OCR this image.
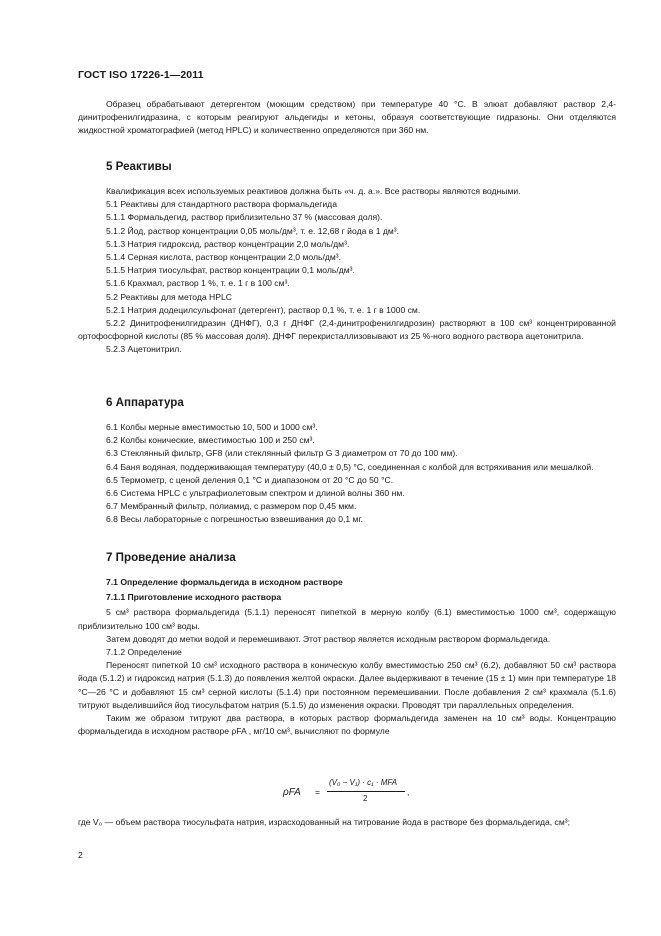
ГОСТ ISO 17226-1—2011

Образец обрабатывают детергентом (моющим средством) при температуре 40 °С. В элюат добавляют раствор 2,4-динитрофенилгидразина, с которым реагируют альдегиды и кетоны, образуя соответствующие гидразоны. Они отделяются жидкостной хроматографией (метод HPLC) и количественно определяются при 360 нм.

5 Реактивы

Квалификация всех используемых реактивов должна быть «ч. д. а.». Все растворы являются водными.

5.1 Реактивы для стандартного раствора формальдегида

5.1.1 Формальдегид, раствор приблизительно 37 % (массовая доля).

5.1.2 Йод, раствор концентрации 0,05 моль/дм³, т. е. 12,68 г йода в 1 дм³.

5.1.3 Натрия гидроксид, раствор концентрации 2,0 моль/дм³.

5.1.4 Серная кислота, раствор концентрации 2,0 моль/дм³.

5.1.5 Натрия тиосульфат, раствор концентрации 0,1 моль/дм³.

5.1.6 Крахмал, раствор 1 %, т. е. 1 г в 100 см³.

5.2 Реактивы для метода HPLC

5.2.1 Натрия додецилсульфонат (детергент), раствор 0,1 %, т. е. 1 г в 1000 см.

5.2.2 Динитрофенилгидразин (ДНФГ), 0,3 г ДНФГ (2,4-динитрофенилгидрозин) растворяют в 100 см³ концентрированной ортофосфорной кислоты (85 % массовая доля). ДНФГ перекристаллизовывают из 25 %-ного водного раствора ацетонитрила.

5.2.3 Ацетонитрил.

6 Аппаратура

6.1 Колбы мерные вместимостью 10, 500 и 1000 см³.

6.2 Колбы конические, вместимостью 100 и 250 см³.

6.3 Стеклянный фильтр, GF8 (или стеклянный фильтр G 3 диаметром от 70 до 100 мм).

6.4 Баня водяная, поддерживающая температуру (40,0 ± 0,5) °С, соединенная с колбой для встряхивания или мешалкой.

6.5 Термометр, с ценой деления 0,1 °С и диапазоном от 20 °С до 50 °С.

6.6 Система HPLC с ультрафиолетовым спектром и длиной волны 360 нм.

6.7 Мембранный фильтр, полиамид, с размером пор 0,45 мкм.

6.8 Весы лабораторные с погрешностью взвешивания до 0,1 мг.

7 Проведение анализа

7.1 Определение формальдегида в исходном растворе

7.1.1 Приготовление исходного раствора

5 см³ раствора формальдегида (5.1.1) переносят пипеткой в мерную колбу (6.1) вместимостью 1000 см³, содержащую приблизительно 100 см³ воды.

Затем доводят до метки водой и перемешивают. Этот раствор является исходным раствором формальдегида.

7.1.2 Определение

Переносят пипеткой 10 см³ исходного раствора в коническую колбу вместимостью 250 см³ (6.2), добавляют 50 см³ раствора йода (5.1.2) и гидроксид натрия (5.1.3) до появления желтой окраски. Далее выдерживают в течение (15 ± 1) мин при температуре 18 °С—26 °С и добавляют 15 см³ серной кислоты (5.1.4) при постоянном перемешивании. После добавления 2 см³ крахмала (5.1.6) титруют выделившийся йод тиосульфатом натрия (5.1.5) до изменения окраски. Проводят три параллельных определения.

Таким же образом титруют два раствора, в которых раствор формальдегида заменен на 10 см³ воды. Концентрацию формальдегида в исходном растворе ρFA , мг/10 см³, вычисляют по формуле

ρFA =
(V₀ − V₁) · c₁ · MFA
2
,
где V₀ — объем раствора тиосульфата натрия, израсходованный на титрование йода в растворе без формальдегида, см³;
2
